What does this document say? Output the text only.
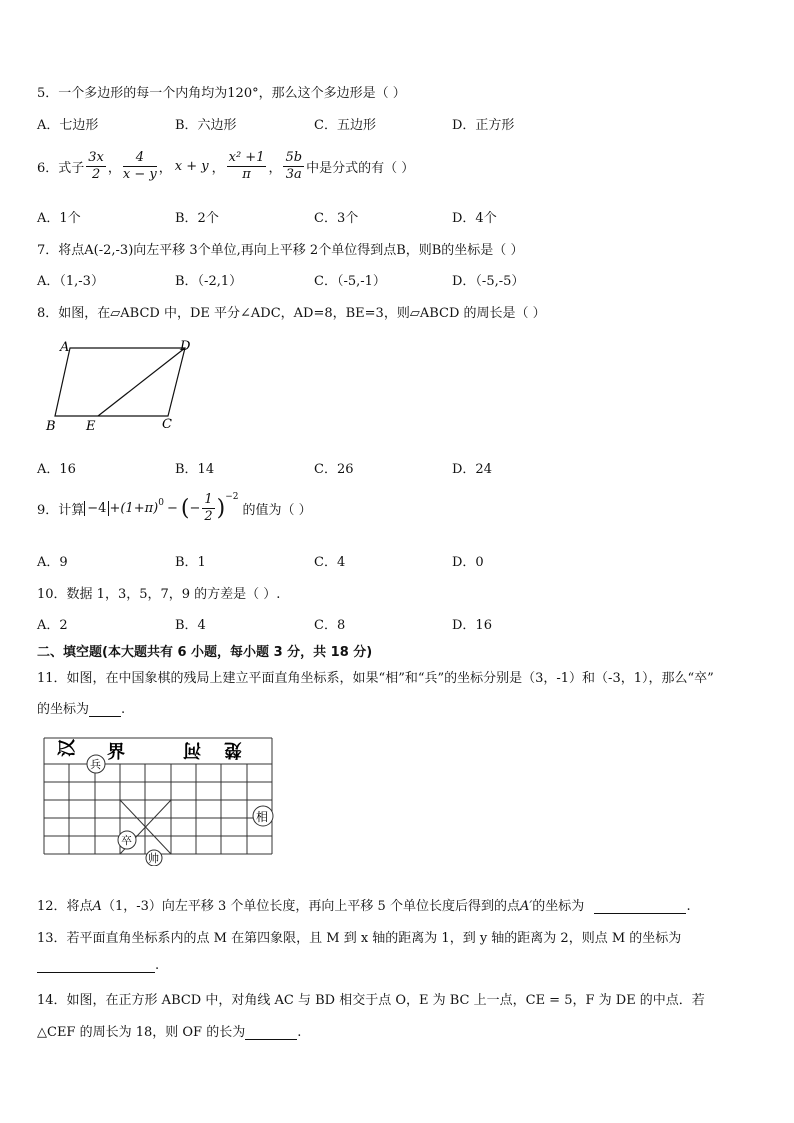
5．一个多边形的每一个内角均为120°，那么这个多边形是（ ）
A．七边形	B．六边形	C．五边形	D．正方形
6．式子 $\frac{3x}{2}$ ， $\frac{4}{x - y}$ ， x + y ， $\frac{\text{x² +1}}{\pi}$ ， $\frac{5b}{3a}$ 中是分式的有（ ）
A．1个	B．2个	C．3个	D．4个
7．将点A(-2,-3)向左平移 3个单位,再向上平移 2个单位得到点B，则B的坐标是（ ）
A．（1,-3）	B．（-2,1）	C．（-5,-1）	D．（-5,-5）
8．如图，在▱ABCD 中，DE 平分∠ADC，AD=8，BE=3，则▱ABCD 的周长是（ ）
A	D
B E	C
A．16	B．14	C．26	D．24
9．计算 $-4 + (1+\pi)^0$ − ( − $\frac{1}{2} )^{-2}$
的值为（ ）
A．9	B．1	C．4	D．0
10．数据 1，3，5，7，9 的方差是（ ）.
A．2	B．4	C．8	D．16
二、填空题(本大题共有 6 小题，每小题 3 分，共 18 分)
11．如图，在中国象棋的残局上建立平面直角坐标系，如果“相”和“兵”的坐标分别是（3，-1）和（-3，1），那么“卒”
的坐标为 .
汉 界	河 楚
兵
相
卒
帅
12．将点A（1，-3）向左平移 3 个单位长度，再向上平移 5 个单位长度后得到的点A′的坐标为	.
13．若平面直角坐标系内的点 M 在第四象限，且 M 到 x 轴的距离为 1，到 y 轴的距离为 2，则点 M 的坐标为
.
14．如图，在正方形 ABCD 中，对角线 AC 与 BD 相交于点 O，E 为 BC 上一点，CE = 5，F 为 DE 的中点．若
△CEF 的周长为 18，则 OF 的长为	.
